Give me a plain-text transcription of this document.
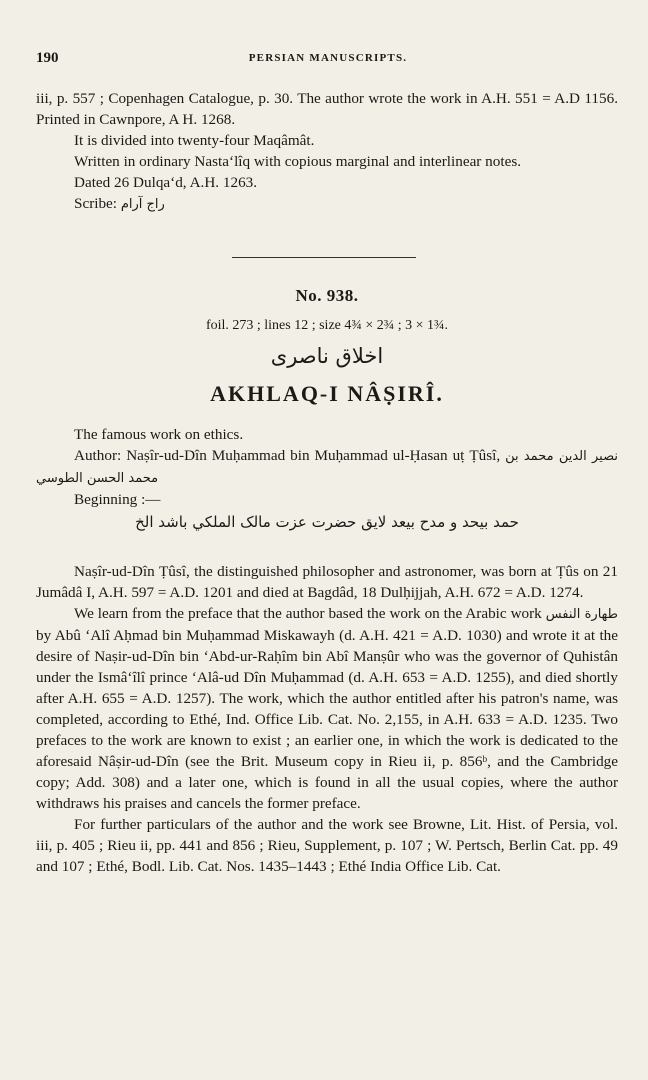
190	PERSIAN MANUSCRIPTS.

iii, p. 557 ; Copenhagen Catalogue, p. 30. The author wrote the work in A.H. 551 = A.D 1156. Printed in Cawnpore, A H. 1268.

It is divided into twenty-four Maqâmât.

Written in ordinary Nasta‘lîq with copious marginal and interlinear notes.

Dated 26 Dulqa‘d, A.H. 1263.

Scribe: راج آرام

No. 938.
foil. 273 ; lines 12 ; size 4¾ × 2¾ ; 3 × 1¾.
اخلاق ناصری
AKHLAQ-I NÂṢIRÎ.

The famous work on ethics.

Author: Naṣîr-ud-Dîn Muḥammad bin Muḥammad ul-Ḥasan uṭ Ṭûsî, نصير الدين محمد بن محمد الحسن الطوسي

Beginning :—

حمد بيحد و مدح بيعد لايق حضرت عزت مالک الملکي باشد الخ

Naṣîr-ud-Dîn Ṭûsî, the distinguished philosopher and astronomer, was born at Ṭûs on 21 Jumâdâ I, A.H. 597 = A.D. 1201 and died at Bagdâd, 18 Dulḥijjah, A.H. 672 = A.D. 1274.

We learn from the preface that the author based the work on the Arabic work طهارة النفس by Abû ‘Alî Aḥmad bin Muḥammad Miskawayh (d. A.H. 421 = A.D. 1030) and wrote it at the desire of Naṣir-ud-Dîn bin ‘Abd-ur-Raḥîm bin Abî Manṣûr who was the governor of Quhistân under the Ismâ‘îlî prince ‘Alâ-ud Dîn Muḥammad (d. A.H. 653 = A.D. 1255), and died shortly after A.H. 655 = A.D. 1257). The work, which the author entitled after his patron's name, was completed, according to Ethé, Ind. Office Lib. Cat. No. 2,155, in A.H. 633 = A.D. 1235. Two prefaces to the work are known to exist ; an earlier one, in which the work is dedicated to the aforesaid Nâṣir-ud-Dîn (see the Brit. Museum copy in Rieu ii, p. 856ᵇ, and the Cambridge copy; Add. 308) and a later one, which is found in all the usual copies, where the author withdraws his praises and cancels the former preface.

For further particulars of the author and the work see Browne, Lit. Hist. of Persia, vol. iii, p. 405 ; Rieu ii, pp. 441 and 856 ; Rieu, Supplement, p. 107 ; W. Pertsch, Berlin Cat. pp. 49 and 107 ; Ethé, Bodl. Lib. Cat. Nos. 1435–1443 ; Ethé India Office Lib. Cat.
